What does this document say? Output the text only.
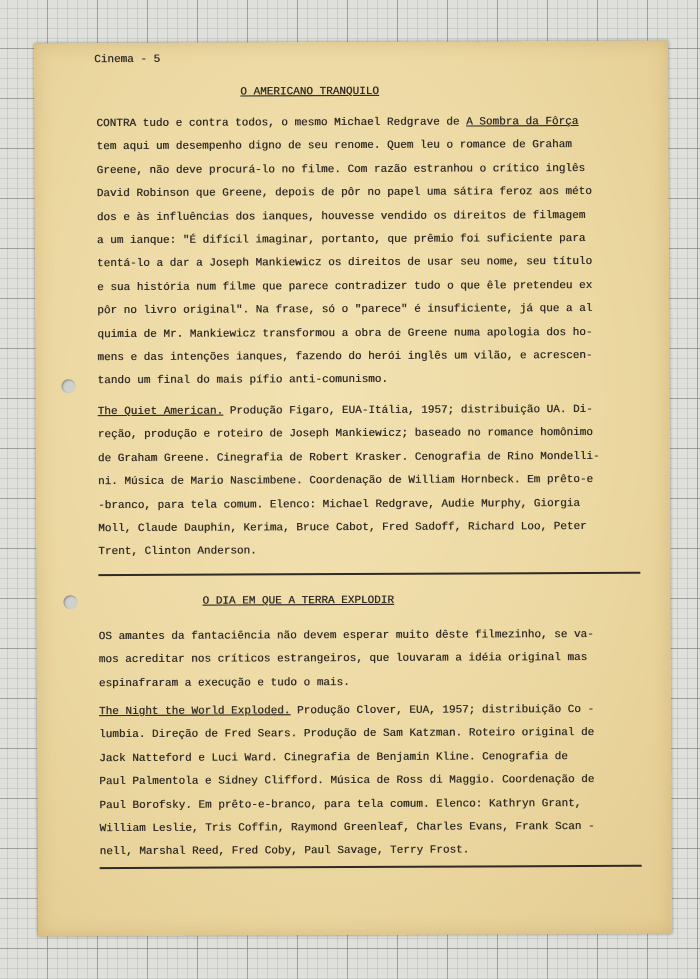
Cinema - 5

O AMERICANO TRANQUILO

CONTRA tudo e contra todos, o mesmo Michael Redgrave de A Sombra da Fôrça
tem aqui um desempenho digno de seu renome. Quem leu o romance de Graham
Greene, não deve procurá-lo no filme. Com razão estranhou o crítico inglês
David Robinson que Greene, depois de pôr no papel uma sátira feroz aos méto
dos e às influências dos ianques, houvesse vendido os direitos de filmagem
a um ianque: "É difícil imaginar, portanto, que prêmio foi suficiente para
tentá-lo a dar a Joseph Mankiewicz os direitos de usar seu nome, seu título
e sua história num filme que parece contradizer tudo o que êle pretendeu ex
pôr no livro original". Na frase, só o "parece" é insuficiente, já que a al
quimia de Mr. Mankiewicz transformou a obra de Greene numa apologia dos ho-
mens e das intenções ianques, fazendo do herói inglês um vilão, e acrescen-
tando um final do mais pífio anti-comunismo.
The Quiet American. Produção Figaro, EUA-Itália, 1957; distribuição UA. Di-
reção, produção e roteiro de Joseph Mankiewicz; baseado no romance homônimo
de Graham Greene. Cinegrafia de Robert Krasker. Cenografia de Rino Mondelli-
ni. Música de Mario Nascimbene. Coordenação de William Hornbeck. Em prêto-e
-branco, para tela comum. Elenco: Michael Redgrave, Audie Murphy, Giorgia
Moll, Claude Dauphin, Kerima, Bruce Cabot, Fred Sadoff, Richard Loo, Peter
Trent, Clinton Anderson.

O DIA EM QUE A TERRA EXPLODIR

OS amantes da fantaciência não devem esperar muito dêste filmezinho, se va-
mos acreditar nos críticos estrangeiros, que louvaram a idéia original mas
espinafraram a execução e tudo o mais.
The Night the World Exploded. Produção Clover, EUA, 1957; distribuição Co -
lumbia. Direção de Fred Sears. Produção de Sam Katzman. Roteiro original de
Jack Natteford e Luci Ward. Cinegrafia de Benjamin Kline. Cenografia de
Paul Palmentola e Sidney Clifford. Música de Ross di Maggio. Coordenação de
Paul Borofsky. Em prêto-e-branco, para tela comum. Elenco: Kathryn Grant,
William Leslie, Tris Coffin, Raymond Greenleaf, Charles Evans, Frank Scan -
nell, Marshal Reed, Fred Coby, Paul Savage, Terry Frost.
